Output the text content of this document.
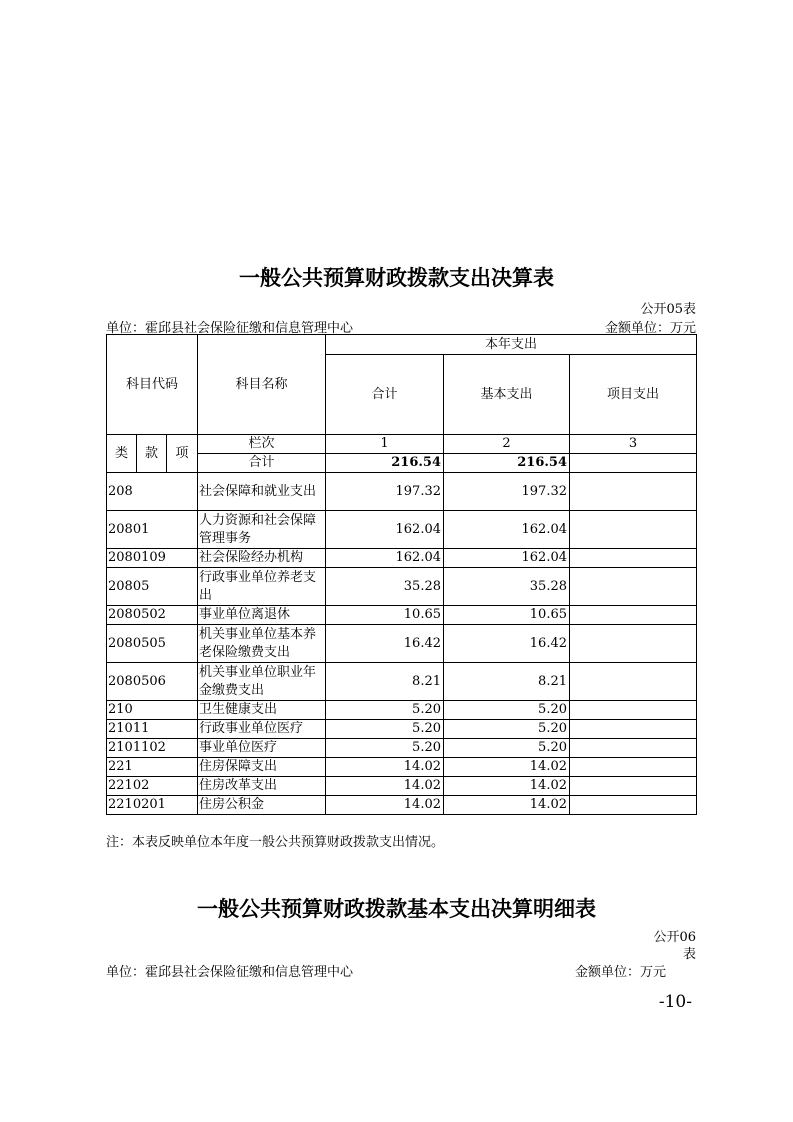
一般公共预算财政拨款支出决算表
公开05表
单位：霍邱县社会保险征缴和信息管理中心	金额单位：万元
科目代码			科目名称	本年支出		
				合计	基本支出	项目支出
类	款	项	栏次	1	2	3
			合计	216.54	216.54	
208			社会保障和就业支出	197.32	197.32	
20801			人力资源和社会保障管理事务	162.04	162.04	
2080109			社会保险经办机构	162.04	162.04	
20805			行政事业单位养老支出	35.28	35.28	
2080502			事业单位离退休	10.65	10.65	
2080505			机关事业单位基本养老保险缴费支出	16.42	16.42	
2080506			机关事业单位职业年金缴费支出	8.21	8.21	
210			卫生健康支出	5.20	5.20	
21011			行政事业单位医疗	5.20	5.20	
2101102			事业单位医疗	5.20	5.20	
221			住房保障支出	14.02	14.02	
22102			住房改革支出	14.02	14.02	
2210201			住房公积金	14.02	14.02	
注：本表反映单位本年度一般公共预算财政拨款支出情况。
一般公共预算财政拨款基本支出决算明细表
公开06
表
单位：霍邱县社会保险征缴和信息管理中心	金额单位：万元
-10-
